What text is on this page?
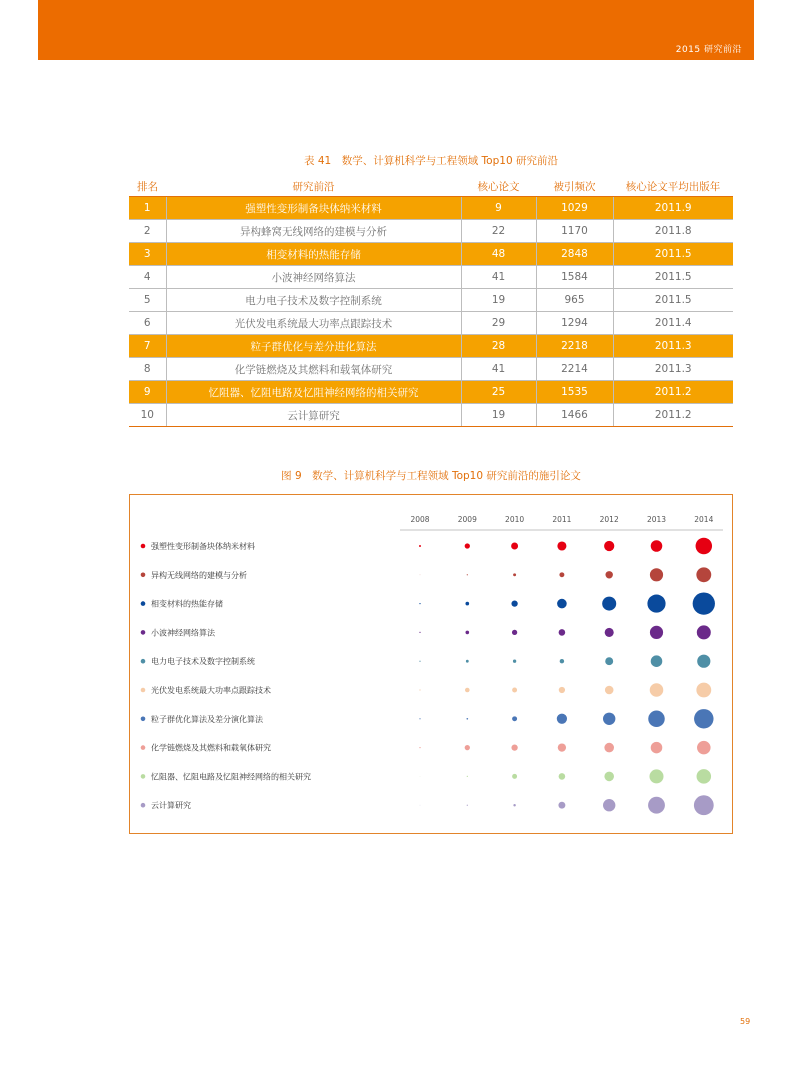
2015 研究前沿
表 41　数学、计算机科学与工程领域 Top10 研究前沿
排名	研究前沿	核心论文	被引频次	核心论文平均出版年
1	强塑性变形制备块体纳米材料	9	1029	2011.9
2	异构蜂窝无线网络的建模与分析	22	1170	2011.8
3	相变材料的热能存储	48	2848	2011.5
4	小波神经网络算法	41	1584	2011.5
5	电力电子技术及数字控制系统	19	965	2011.5
6	光伏发电系统最大功率点跟踪技术	29	1294	2011.4
7	粒子群优化与差分进化算法	28	2218	2011.3
8	化学链燃烧及其燃料和载氧体研究	41	2214	2011.3
9	忆阻器、忆阻电路及忆阻神经网络的相关研究	25	1535	2011.2
10	云计算研究	19	1466	2011.2
图 9　数学、计算机科学与工程领域 Top10 研究前沿的施引论文
2008	2009	2010	2011	2012	2013	2014
强塑性变形制备块体纳米材料
异构无线网络的建模与分析
相变材料的热能存储
小波神经网络算法
电力电子技术及数字控制系统
光伏发电系统最大功率点跟踪技术
粒子群优化算法及差分演化算法
化学链燃烧及其燃料和载氧体研究
忆阻器、忆阻电路及忆阻神经网络的相关研究
云计算研究
59
